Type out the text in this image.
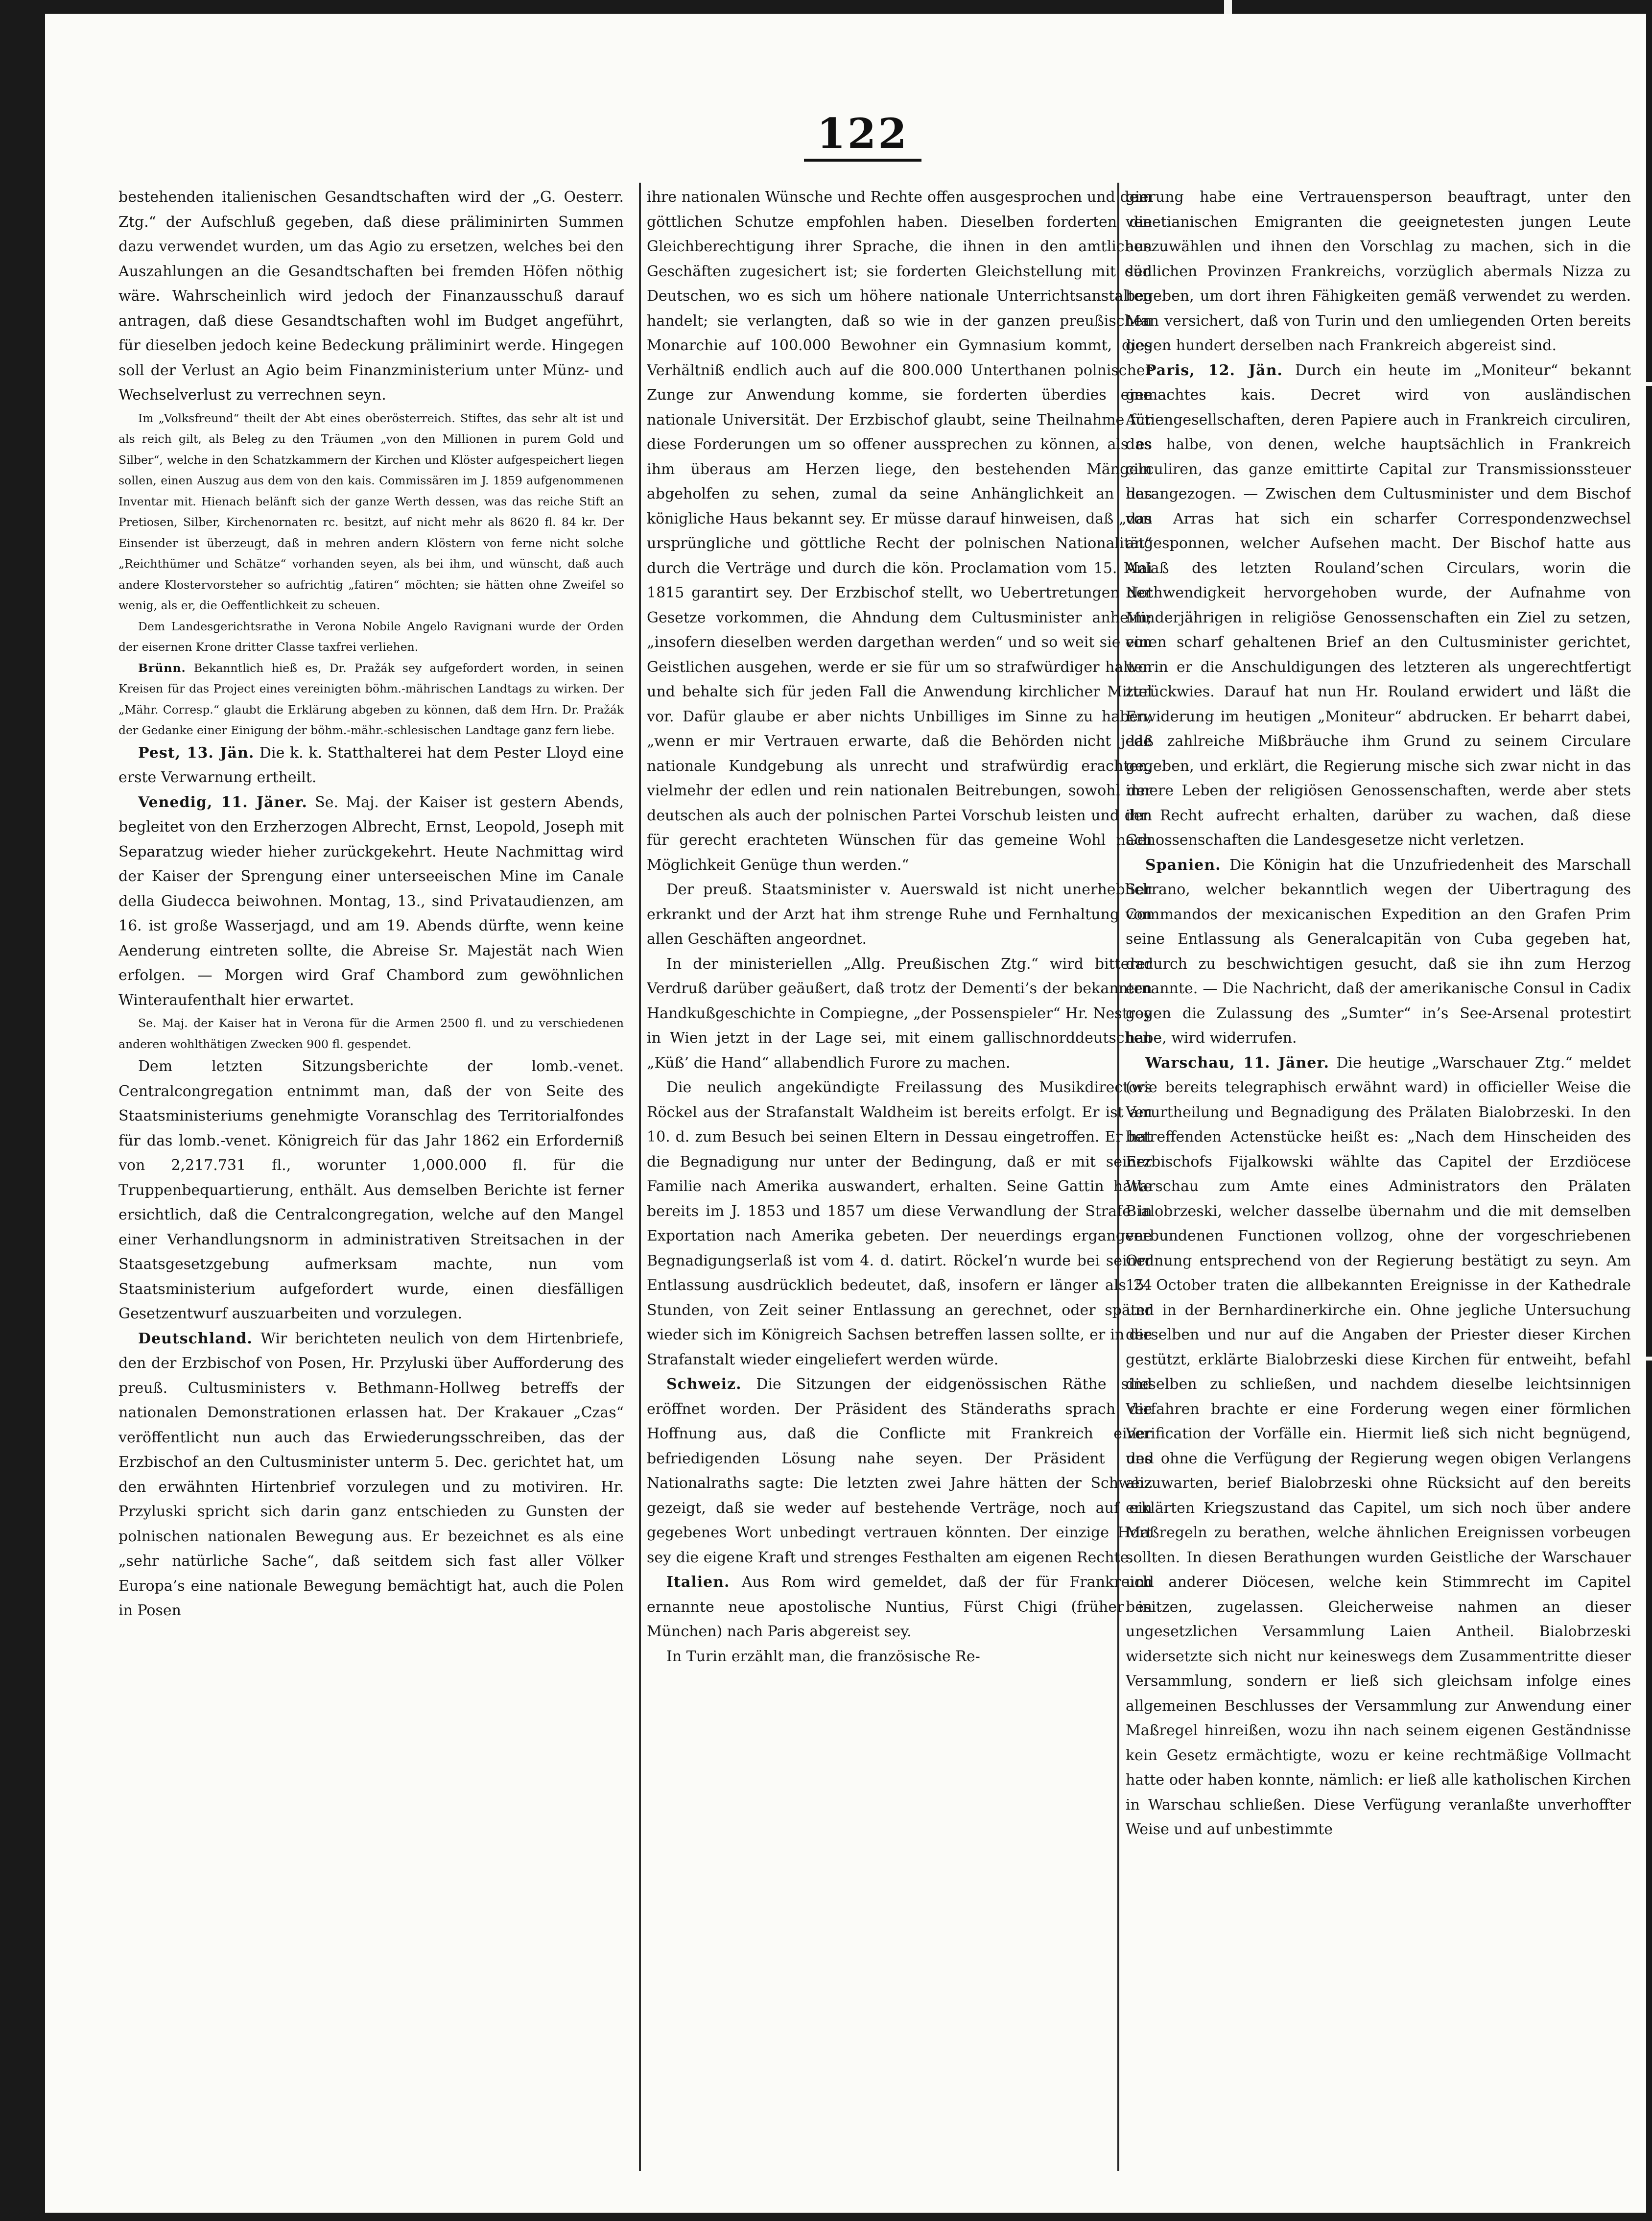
122

bestehenden italienischen Gesandtschaften wird der „G. Oesterr. Ztg.“ der Aufschluß gegeben, daß diese präliminirten Summen dazu verwendet wurden, um das Agio zu ersetzen, welches bei den Auszahlungen an die Gesandtschaften bei fremden Höfen nöthig wäre. Wahrscheinlich wird jedoch der Finanzausschuß darauf antragen, daß diese Gesandtschaften wohl im Budget angeführt, für dieselben jedoch keine Bedeckung präliminirt werde. Hingegen soll der Verlust an Agio beim Finanzministerium unter Münz- und Wechselverlust zu verrechnen seyn.

Im „Volksfreund“ theilt der Abt eines oberösterreich. Stiftes, das sehr alt ist und als reich gilt, als Beleg zu den Träumen „von den Millionen in purem Gold und Silber“, welche in den Schatzkammern der Kirchen und Klöster aufgespeichert liegen sollen, einen Auszug aus dem von den kais. Commissären im J. 1859 aufgenommenen Inventar mit. Hienach belänft sich der ganze Werth dessen, was das reiche Stift an Pretiosen, Silber, Kirchenornaten rc. besitzt, auf nicht mehr als 8620 fl. 84 kr. Der Einsender ist überzeugt, daß in mehren andern Klöstern von ferne nicht solche „Reichthümer und Schätze“ vorhanden seyen, als bei ihm, und wünscht, daß auch andere Klostervorsteher so aufrichtig „fatiren“ möchten; sie hätten ohne Zweifel so wenig, als er, die Oeffentlichkeit zu scheuen.

Dem Landesgerichtsrathe in Verona Nobile Angelo Ravignani wurde der Orden der eisernen Krone dritter Classe taxfrei verliehen.

Brünn. Bekanntlich hieß es, Dr. Pražák sey aufgefordert worden, in seinen Kreisen für das Project eines vereinigten böhm.-mährischen Landtags zu wirken. Der „Mähr. Corresp.“ glaubt die Erklärung abgeben zu können, daß dem Hrn. Dr. Pražák der Gedanke einer Einigung der böhm.-mähr.-schlesischen Landtage ganz fern liebe.

Pest, 13. Jän. Die k. k. Statthalterei hat dem Pester Lloyd eine erste Verwarnung ertheilt.

Venedig, 11. Jäner. Se. Maj. der Kaiser ist gestern Abends, begleitet von den Erzherzogen Albrecht, Ernst, Leopold, Joseph mit Separatzug wieder hieher zurückgekehrt. Heute Nachmittag wird der Kaiser der Sprengung einer unterseeischen Mine im Canale della Giudecca beiwohnen. Montag, 13., sind Privataudienzen, am 16. ist große Wasserjagd, und am 19. Abends dürfte, wenn keine Aenderung eintreten sollte, die Abreise Sr. Majestät nach Wien erfolgen. — Morgen wird Graf Chambord zum gewöhnlichen Winteraufenthalt hier erwartet.

Se. Maj. der Kaiser hat in Verona für die Armen 2500 fl. und zu verschiedenen anderen wohlthätigen Zwecken 900 fl. gespendet.

Dem letzten Sitzungsberichte der lomb.-venet. Centralcongregation entnimmt man, daß der von Seite des Staatsministeriums genehmigte Voranschlag des Territorialfondes für das lomb.-venet. Königreich für das Jahr 1862 ein Erforderniß von 2,217.731 fl., worunter 1,000.000 fl. für die Truppenbequartierung, enthält. Aus demselben Berichte ist ferner ersichtlich, daß die Centralcongregation, welche auf den Mangel einer Verhandlungsnorm in administrativen Streitsachen in der Staatsgesetzgebung aufmerksam machte, nun vom Staatsministerium aufgefordert wurde, einen diesfälligen Gesetzentwurf auszuarbeiten und vorzulegen.

Deutschland. Wir berichteten neulich von dem Hirtenbriefe, den der Erzbischof von Posen, Hr. Przyluski über Aufforderung des preuß. Cultusministers v. Bethmann-Hollweg betreffs der nationalen Demonstrationen erlassen hat. Der Krakauer „Czas“ veröffentlicht nun auch das Erwiederungsschreiben, das der Erzbischof an den Cultusminister unterm 5. Dec. gerichtet hat, um den erwähnten Hirtenbrief vorzulegen und zu motiviren. Hr. Przyluski spricht sich darin ganz entschieden zu Gunsten der polnischen nationalen Bewegung aus. Er bezeichnet es als eine „sehr natürliche Sache“, daß seitdem sich fast aller Völker Europa’s eine nationale Bewegung bemächtigt hat, auch die Polen in Posen

ihre nationalen Wünsche und Rechte offen ausgesprochen und dem göttlichen Schutze empfohlen haben. Dieselben forderten die Gleichberechtigung ihrer Sprache, die ihnen in den amtlichen Geschäften zugesichert ist; sie forderten Gleichstellung mit den Deutschen, wo es sich um höhere nationale Unterrichtsanstalten handelt; sie verlangten, daß so wie in der ganzen preußischen Monarchie auf 100.000 Bewohner ein Gymnasium kommt, dies Verhältniß endlich auch auf die 800.000 Unterthanen polnischer Zunge zur Anwendung komme, sie forderten überdies eine nationale Universität. Der Erzbischof glaubt, seine Theilnahme für diese Forderungen um so offener aussprechen zu können, als es ihm überaus am Herzen liege, den bestehenden Mängeln abgeholfen zu sehen, zumal da seine Anhänglichkeit an das königliche Haus bekannt sey. Er müsse darauf hinweisen, daß „das ursprüngliche und göttliche Recht der polnischen Nationalität“ durch die Verträge und durch die kön. Proclamation vom 15. Mai 1815 garantirt sey. Der Erzbischof stellt, wo Uebertretungen der Gesetze vorkommen, die Ahndung dem Cultusminister anheim; „insofern dieselben werden dargethan werden“ und so weit sie von Geistlichen ausgehen, werde er sie für um so strafwürdiger halten und behalte sich für jeden Fall die Anwendung kirchlicher Mittel vor. Dafür glaube er aber nichts Unbilliges im Sinne zu haben, „wenn er mir Vertrauen erwarte, daß die Behörden nicht jede nationale Kundgebung als unrecht und strafwürdig erachten, vielmehr der edlen und rein nationalen Beitrebungen, sowohl der deutschen als auch der polnischen Partei Vorschub leisten und den für gerecht erachteten Wünschen für das gemeine Wohl nach Möglichkeit Genüge thun werden.“

Der preuß. Staatsminister v. Auerswald ist nicht unerheblich erkrankt und der Arzt hat ihm strenge Ruhe und Fernhaltung von allen Geschäften angeordnet.

In der ministeriellen „Allg. Preußischen Ztg.“ wird bitterer Verdruß darüber geäußert, daß trotz der Dementi’s der bekannten Handkußgeschichte in Compiegne, „der Possenspieler“ Hr. Nestroy in Wien jetzt in der Lage sei, mit einem gallischnorddeutschen „Küß’ die Hand“ allabendlich Furore zu machen.

Die neulich angekündigte Freilassung des Musikdirectors Röckel aus der Strafanstalt Waldheim ist bereits erfolgt. Er ist am 10. d. zum Besuch bei seinen Eltern in Dessau eingetroffen. Er hat die Begnadigung nur unter der Bedingung, daß er mit seiner Familie nach Amerika auswandert, erhalten. Seine Gattin hatte bereits im J. 1853 und 1857 um diese Verwandlung der Strafe in Exportation nach Amerika gebeten. Der neuerdings ergangene Begnadigungserlaß ist vom 4. d. datirt. Röckel’n wurde bei seiner Entlassung ausdrücklich bedeutet, daß, insofern er länger als 24 Stunden, von Zeit seiner Entlassung an gerechnet, oder später wieder sich im Königreich Sachsen betreffen lassen sollte, er in die Strafanstalt wieder eingeliefert werden würde.

Schweiz. Die Sitzungen der eidgenössischen Räthe sind eröffnet worden. Der Präsident des Ständeraths sprach die Hoffnung aus, daß die Conflicte mit Frankreich einer befriedigenden Lösung nahe seyen. Der Präsident des Nationalraths sagte: Die letzten zwei Jahre hätten der Schweiz gezeigt, daß sie weder auf bestehende Verträge, noch auf ein gegebenes Wort unbedingt vertrauen könnten. Der einzige Hort sey die eigene Kraft und strenges Festhalten am eigenen Rechte.

Italien. Aus Rom wird gemeldet, daß der für Frankreich ernannte neue apostolische Nuntius, Fürst Chigi (früher in München) nach Paris abgereist sey.

In Turin erzählt man, die französische Re-

gierung habe eine Vertrauensperson beauftragt, unter den venetianischen Emigranten die geeignetesten jungen Leute auszuwählen und ihnen den Vorschlag zu machen, sich in die südlichen Provinzen Frankreichs, vorzüglich abermals Nizza zu begeben, um dort ihren Fähigkeiten gemäß verwendet zu werden. Man versichert, daß von Turin und den umliegenden Orten bereits gegen hundert derselben nach Frankreich abgereist sind.

Paris, 12. Jän. Durch ein heute im „Moniteur“ bekannt gemachtes kais. Decret wird von ausländischen Actiengesellschaften, deren Papiere auch in Frankreich circuliren, das halbe, von denen, welche hauptsächlich in Frankreich circuliren, das ganze emittirte Capital zur Transmissionssteuer herangezogen. — Zwischen dem Cultusminister und dem Bischof von Arras hat sich ein scharfer Correspondenzwechsel angesponnen, welcher Aufsehen macht. Der Bischof hatte aus Anlaß des letzten Rouland’schen Circulars, worin die Nothwendigkeit hervorgehoben wurde, der Aufnahme von Minderjährigen in religiöse Genossenschaften ein Ziel zu setzen, einen scharf gehaltenen Brief an den Cultusminister gerichtet, worin er die Anschuldigungen des letzteren als ungerechtfertigt zurückwies. Darauf hat nun Hr. Rouland erwidert und läßt die Erwiderung im heutigen „Moniteur“ abdrucken. Er beharrt dabei, daß zahlreiche Mißbräuche ihm Grund zu seinem Circulare gegeben, und erklärt, die Regierung mische sich zwar nicht in das innere Leben der religiösen Genossenschaften, werde aber stets ihr Recht aufrecht erhalten, darüber zu wachen, daß diese Genossenschaften die Landesgesetze nicht verletzen.

Spanien. Die Königin hat die Unzufriedenheit des Marschall Serrano, welcher bekanntlich wegen der Uibertragung des Commandos der mexicanischen Expedition an den Grafen Prim seine Entlassung als Generalcapitän von Cuba gegeben hat, dadurch zu beschwichtigen gesucht, daß sie ihn zum Herzog ernannte. — Die Nachricht, daß der amerikanische Consul in Cadix gegen die Zulassung des „Sumter“ in’s See-Arsenal protestirt habe, wird widerrufen.

Warschau, 11. Jäner. Die heutige „Warschauer Ztg.“ meldet (wie bereits telegraphisch erwähnt ward) in officieller Weise die Verurtheilung und Begnadigung des Prälaten Bialobrzeski. In den betreffenden Actenstücke heißt es: „Nach dem Hinscheiden des Erzbischofs Fijalkowski wählte das Capitel der Erzdiöcese Warschau zum Amte eines Administrators den Prälaten Bialobrzeski, welcher dasselbe übernahm und die mit demselben verbundenen Functionen vollzog, ohne der vorgeschriebenen Ordnung entsprechend von der Regierung bestätigt zu seyn. Am 15. October traten die allbekannten Ereignisse in der Kathedrale und in der Bernhardinerkirche ein. Ohne jegliche Untersuchung derselben und nur auf die Angaben der Priester dieser Kirchen gestützt, erklärte Bialobrzeski diese Kirchen für entweiht, befahl dieselben zu schließen, und nachdem dieselbe leichtsinnigen Verfahren brachte er eine Forderung wegen einer förmlichen Verification der Vorfälle ein. Hiermit ließ sich nicht begnügend, und ohne die Verfügung der Regierung wegen obigen Verlangens abzuwarten, berief Bialobrzeski ohne Rücksicht auf den bereits erklärten Kriegszustand das Capitel, um sich noch über andere Maßregeln zu berathen, welche ähnlichen Ereignissen vorbeugen sollten. In diesen Berathungen wurden Geistliche der Warschauer und anderer Diöcesen, welche kein Stimmrecht im Capitel besitzen, zugelassen. Gleicherweise nahmen an dieser ungesetzlichen Versammlung Laien Antheil. Bialobrzeski widersetzte sich nicht nur keineswegs dem Zusammentritte dieser Versammlung, sondern er ließ sich gleichsam infolge eines allgemeinen Beschlusses der Versammlung zur Anwendung einer Maßregel hinreißen, wozu ihn nach seinem eigenen Geständnisse kein Gesetz ermächtigte, wozu er keine rechtmäßige Vollmacht hatte oder haben konnte, nämlich: er ließ alle katholischen Kirchen in Warschau schließen. Diese Verfügung veranlaßte unverhoffter Weise und auf unbestimmte
